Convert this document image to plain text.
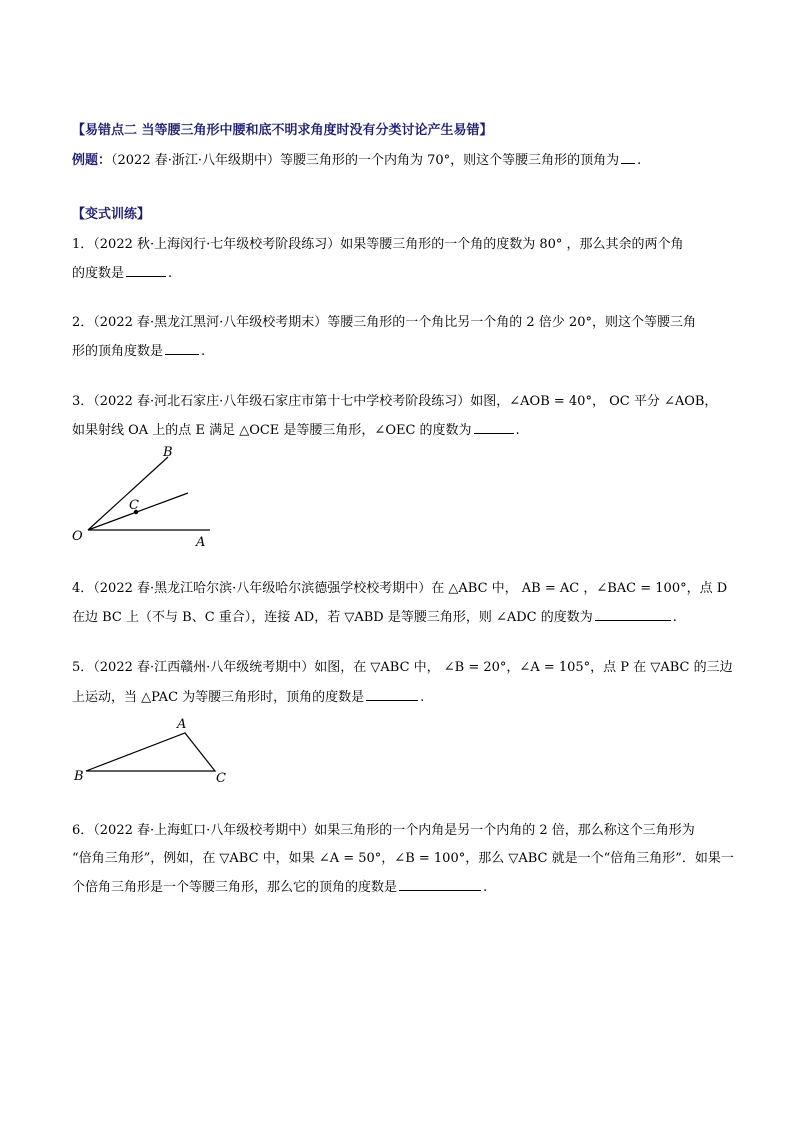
【易错点二 当等腰三角形中腰和底不明求角度时没有分类讨论产生易错】
例题：（2022 春·浙江·八年级期中）等腰三角形的一个内角为 70°，则这个等腰三角形的顶角为 .
【变式训练】
1．（2022 秋·上海闵行·七年级校考阶段练习）如果等腰三角形的一个角的度数为 80° ，那么其余的两个角
的度数是	.
2．（2022 春·黑龙江黑河·八年级校考期末）等腰三角形的一个角比另一个角的 2 倍少 20°，则这个等腰三角
形的顶角度数是	.
3．（2022 春·河北石家庄·八年级石家庄市第十七中学校考阶段练习）如图，∠AOB = 40°， OC 平分 ∠AOB，
如果射线 OA 上的点 E 满足 △OCE 是等腰三角形，∠OEC 的度数为	.
B
C
O	A
4．（2022 春·黑龙江哈尔滨·八年级哈尔滨德强学校校考期中）在 △ABC 中， AB = AC ，∠BAC = 100°，点 D
在边 BC 上（不与 B、C 重合），连接 AD，若 ▽ABD 是等腰三角形，则 ∠ADC 的度数为	.
5．（2022 春·江西赣州·八年级统考期中）如图，在 ▽ABC 中， ∠B = 20°，∠A = 105°，点 P 在 ▽ABC 的三边
上运动，当 △PAC 为等腰三角形时，顶角的度数是	.
A
B	C
6．（2022 春·上海虹口·八年级校考期中）如果三角形的一个内角是另一个内角的 2 倍，那么称这个三角形为
“倍角三角形”，例如，在 ▽ABC 中，如果 ∠A = 50°，∠B = 100°，那么 ▽ABC 就是一个“倍角三角形”．如果一
个倍角三角形是一个等腰三角形，那么它的顶角的度数是	.
